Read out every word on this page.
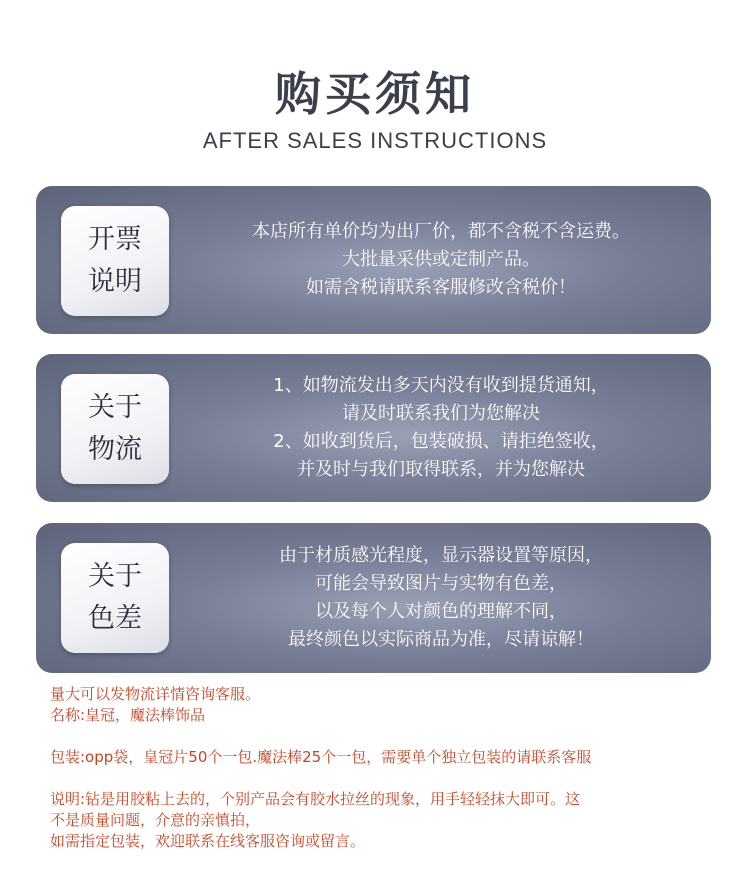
购买须知
AFTER SALES INSTRUCTIONS
开票
说明
本店所有单价均为出厂价，都不含税不含运费。
大批量采供或定制产品。
如需含税请联系客服修改含税价！
关于
物流
1、如物流发出多天内没有收到提货通知，
请及时联系我们为您解决
2、如收到货后，包装破损、请拒绝签收，
并及时与我们取得联系，并为您解决
关于
色差
由于材质感光程度，显示器设置等原因，
可能会导致图片与实物有色差，
以及每个人对颜色的理解不同，
最终颜色以实际商品为准，尽请谅解！
量大可以发物流详情咨询客服。
名称:皇冠，魔法棒饰品
包装:opp袋，皇冠片50个一包.魔法棒25个一包，需要单个独立包装的请联系客服
说明:钻是用胶粘上去的，个别产品会有胶水拉丝的现象，用手轻轻抹大即可。这
不是质量问题，介意的亲慎拍，
如需指定包装，欢迎联系在线客服咨询或留言。
